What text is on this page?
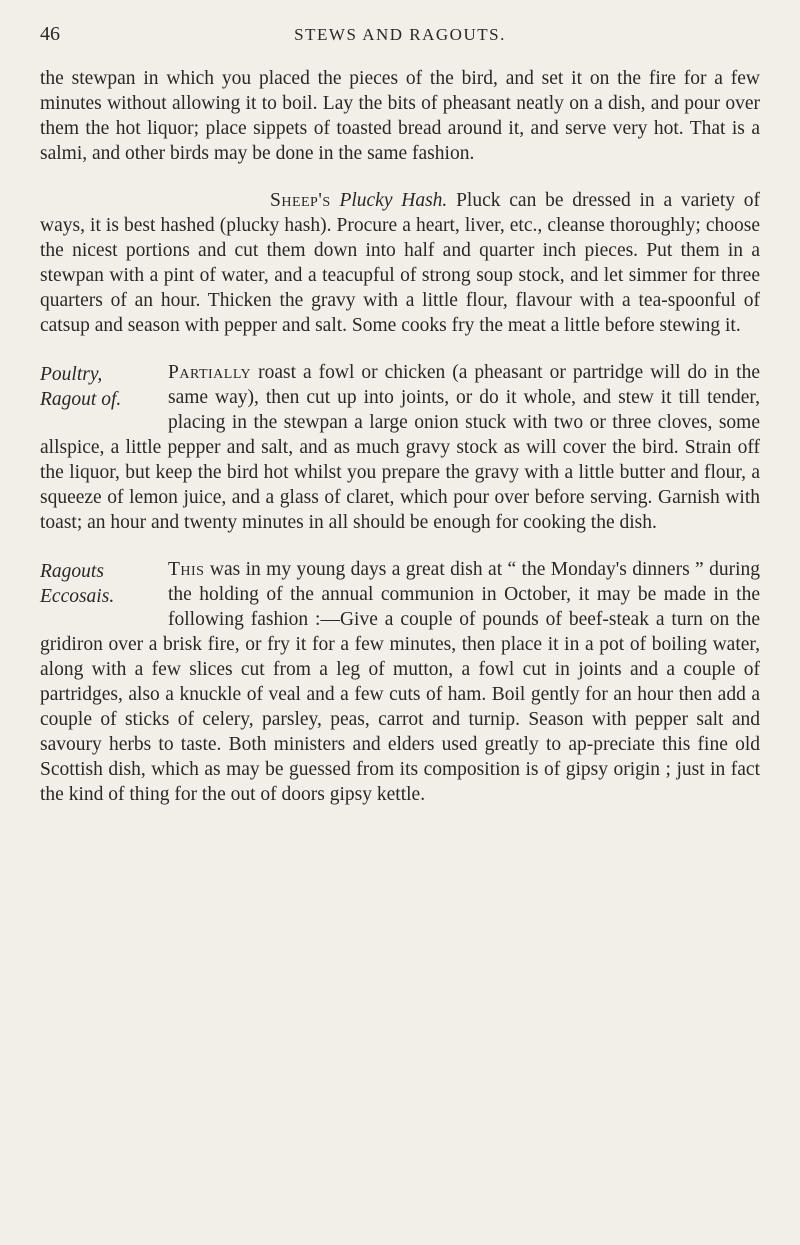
46	STEWS AND RAGOUTS.

the stewpan in which you placed the pieces of the bird, and set it on the fire for a few minutes without allowing it to boil. Lay the bits of pheasant neatly on a dish, and pour over them the hot liquor; place sippets of toasted bread around it, and serve very hot. That is a salmi, and other birds may be done in the same fashion.

Sheep's Plucky Hash. Pluck can be dressed in a variety of ways, it is best hashed (plucky hash). Procure a heart, liver, etc., cleanse thoroughly; choose the nicest portions and cut them down into half and quarter inch pieces. Put them in a stewpan with a pint of water, and a teacupful of strong soup stock, and let simmer for three quarters of an hour. Thicken the gravy with a little flour, flavour with a tea-spoonful of catsup and season with pepper and salt. Some cooks fry the meat a little before stewing it.

Poultry, Ragout of.

Partially roast a fowl or chicken (a pheasant or partridge will do in the same way), then cut up into joints, or do it whole, and stew it till tender, placing in the stewpan a large onion stuck with two or three cloves, some allspice, a little pepper and salt, and as much gravy stock as will cover the bird. Strain off the liquor, but keep the bird hot whilst you prepare the gravy with a little butter and flour, a squeeze of lemon juice, and a glass of claret, which pour over before serving. Garnish with toast; an hour and twenty minutes in all should be enough for cooking the dish.

Ragouts Eccosais.

This was in my young days a great dish at “ the Monday's dinners ” during the holding of the annual communion in October, it may be made in the following fashion :—Give a couple of pounds of beef-steak a turn on the gridiron over a brisk fire, or fry it for a few minutes, then place it in a pot of boiling water, along with a few slices cut from a leg of mutton, a fowl cut in joints and a couple of partridges, also a knuckle of veal and a few cuts of ham. Boil gently for an hour then add a couple of sticks of celery, parsley, peas, carrot and turnip. Season with pepper salt and savoury herbs to taste. Both ministers and elders used greatly to ap-preciate this fine old Scottish dish, which as may be guessed from its composition is of gipsy origin ; just in fact the kind of thing for the out of doors gipsy kettle.
